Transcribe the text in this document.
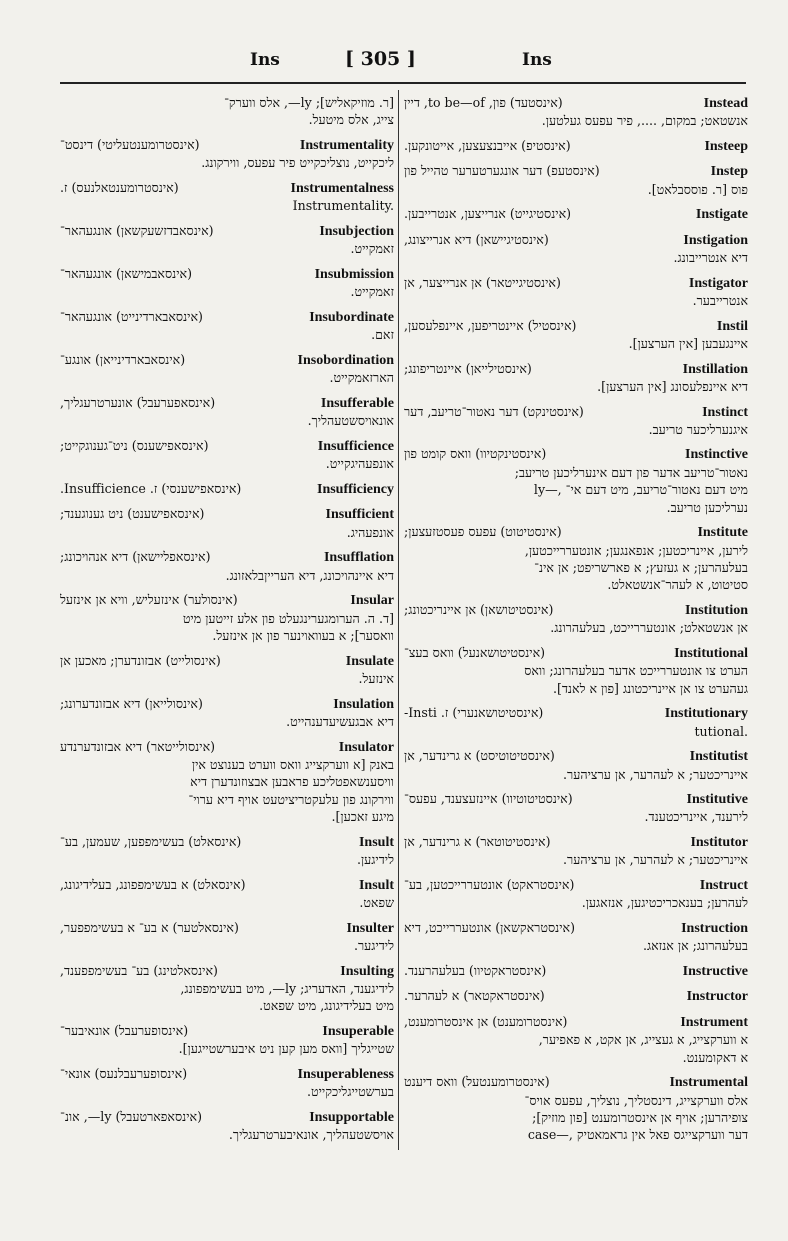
Ins	[ 305 ]	Ins
[ר. מוזיקאליש]; ly—, אלס ווערק־
צייג, אלס מיטעל.
Instrumentality
(אינסטרומענטעליטי) דינסט־
ליכקייט, נוצליכקייט פיר עפעס, ווירקונג.
Instrumentalness
(אינסטרומענטאלנעס) ז.
Instrumentality.
Insubjection
(אינסאבדזשעקשאן) אונגעהאר־
זאמקייט.
Insubmission
(אינסאבמישאן) אונגעהאר־
זאמקייט.
Insubordinate
(אינסאבארדינייט) אונגעהאר־
זאם.
Insobordination
(אינסאבארדינייאן) אונגע־
הארזאמקייט.
Insufferable
(אינסאפערעבל) אונערטרעגליך,
אונאויסשטעהליך.
Insufficience
(אינסאפישענס) ניט־גענוגקייט;
אונפעהיגקייט.
Insufficiency
(אינסאפישענסי) ז. Insufficience.
Insufficient
(אינסאפישענט) ניט גענוגענד;
אונפעהיג.
Insufflation
(אינסאפליישאן) דיא אנהויכונג;
דיא איינהויכונג, דיא הערייןבלאזונג.
Insular
(אינסולער) אינזעליש, וויא אן אינזעל
[ד. ה. הערומגערינגעלט פון אלע זייטען מיט
וואסער]; א בעוואוינער פון אן אינזעל.
Insulate
(אינסולייט) אבזונדערן; מאכען אן
אינזעל.
Insulation
(אינסולייאן) דיא אבזונדערונג;
דיא אבגעשיעדענהייט.
Insulator
(אינסולייטאר) דיא אבזונדערנדע
באנק [א ווערקצייג וואס ווערט בענוצט אין
וויסענשאפטליכע פראבען אבצוזונדערן דיא
ווירקונג פון עלעקטריציטעט אויף דיא ערוי־
מיגע זאכען].
Insult
(אינסאלט) בעשימפפען, שעמען, בע־
לידיגען.
Insult
(אינסאלט) א בעשימפפונג, בעלידיגונג,
שפאט.
Insulter
(אינסאלטער) א בע־ א בעשימפפער,
לידיגער.
Insulting
(אינסאלטינג) בע־ בעשימפפענד,
לידיגענד, האדעריג; ly—, מיט בעשימפפונג,
מיט בעלידיגונג, מיט שפאט.
Insuperable
(אינסופערעבל) אונאיבער־
שטייגליך [וואס מען קען ניט איבערשטייגען].
Insuperableness
(אינסופערעבלנעס) אונאי־
בערשטייגליכקייט.
Insupportable
(אינסאפארטעבל) ly—, אונ־
אויסשטעהליך, אונאיבערטרעגליך.
Instead
(אינסטעד) פון, to be—of, דיין
אנשטאט; במקום, ...., פיר עפעס געלטען.
Insteep
(אינסטיפ) אייבנצעצען, אייטונקען.
Instep
(אינסטעפ) דער אונגערטערער טהייל פון
פוס [ר. פוססבלאט].
Instigate
(אינסטיגייט) אנרייצען, אנטרייבען.
Instigation
(אינסטיגיישאן) דיא אנרייצונג,
דיא אנטרייבונג.
Instigator
(אינסטיגייטאר) אן אנרייצער, אן
אנטרייבער.
Instil
(אינסטיל) איינטריפען, איינפלעסען,
איינגעבען [אין הערצען].
Instillation
(אינסטילייאן) איינטריפונג;
דיא איינפלעסונג [אין הערצען].
Instinct
(אינסטינקט) דער נאטור־טריעב, דער
איגנערליכער טריעב.
Instinctive
(אינסטינקטיוו) וואס קומט פון
נאטור־טריעב אדער פון דעם אינערליכען טריעב;
ly—, מיט דעם נאטור־טריעב, מיט דעם אי־
נערליכען טריעב.
Institute
(אינסטיטוט) עפעס פעסטזעצען;
לירען, איינריכטען; אנפאנגען; אונטעררייכטען,
בעלעהרען; א געזעץ; א פארשריפט; אן אינ־
סטיטוט, א לעהר־אנשטאלט.
Institution
(אינסטיטושאן) אן איינריכטונג;
אן אנשטאלט; אונטעררייכט, בעלעהרונג.
Institutional
(אינסטיטושאנעל) וואס בעצ־
הערט צו אונטעררייכט אדער בעלעהרונג; וואס
געהערט צו אן איינריכטונג [פון א לאנד].
Institutionary
(אינסטיטושאנערי) ז. Insti-
tutional.
Institutist
(אינסטיטוטיסט) א גרינדער, אן
איינריכטער; א לעהרער, אן ערציהער.
Institutive
(אינסטיטוטיוו) איינזעצענד, עפעס־
לירענד, איינריכטענד.
Institutor
(אינסטיטוטאר) א גרינדער, אן
איינריכטער; א לעהרער, אן ערציהער.
Instruct
(אינסטראקט) אונטעררייכטען, בע־
לעהרען; בענאכריכטיגען, אנזאגען.
Instruction
(אינסטראקשאן) אונטעררייכט, דיא
בעלעהרונג; אן אנזאג.
Instructive
(אינסטראקטיוו) בעלעהרענד.
Instructor
(אינסטראקטאר) א לעהרער.
Instrument
(אינסטרומענט) אן אינסטרומענט,
א ווערקצייג, א געצייג, אן אקט, א פאפיער,
א דאקומענט.
Instrumental
(אינסטרומענטעל) וואס דיענט
אלס ווערקצייג, דינסטליך, נוצליך, עפעס אויס־
צופיהרען; אויף אן אינסטרומענט [פון מוזיק];
case—, דער ווערקצייגס פאל אין גראמאטיק
